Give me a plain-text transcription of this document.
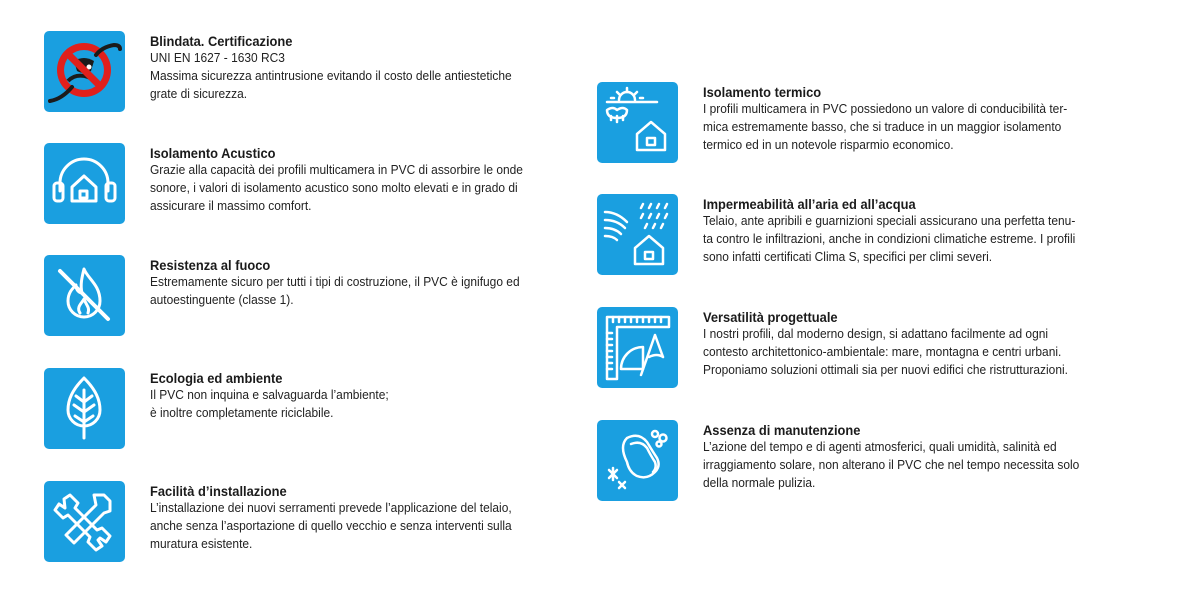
Blindata. Certificazione
UNI EN 1627 - 1630 RC3
Massima sicurezza antintrusione evitando il costo delle antiestetiche
grate di sicurezza.
Isolamento Acustico
Grazie alla capacità dei profili multicamera in PVC di assorbire le onde
sonore, i valori di isolamento acustico sono molto elevati e in grado di
assicurare il massimo comfort.
Resistenza al fuoco
Estremamente sicuro per tutti i tipi di costruzione, il PVC è ignifugo ed
autoestinguente (classe 1).
Ecologia ed ambiente
Il PVC non inquina e salvaguarda l’ambiente;
è inoltre completamente riciclabile.
Facilità d’installazione
L’installazione dei nuovi serramenti prevede l’applicazione del telaio,
anche senza l’asportazione di quello vecchio e senza interventi sulla
muratura esistente.
Isolamento termico
I profili multicamera in PVC possiedono un valore di conducibilità ter-
mica estremamente basso, che si traduce in un maggior isolamento
termico ed in un notevole risparmio economico.
Impermeabilità all’aria ed all’acqua
Telaio, ante apribili e guarnizioni speciali assicurano una perfetta tenu-
ta contro le infiltrazioni, anche in condizioni climatiche estreme. I profili
sono infatti certificati Clima S, specifici per climi severi.
Versatilità progettuale
I nostri profili, dal moderno design, si adattano facilmente ad ogni
contesto architettonico-ambientale: mare, montagna e centri urbani.
Proponiamo soluzioni ottimali sia per nuovi edifici che ristrutturazioni.
Assenza di manutenzione
L’azione del tempo e di agenti atmosferici, quali umidità, salinità ed
irraggiamento solare, non alterano il PVC che nel tempo necessita solo
della normale pulizia.
